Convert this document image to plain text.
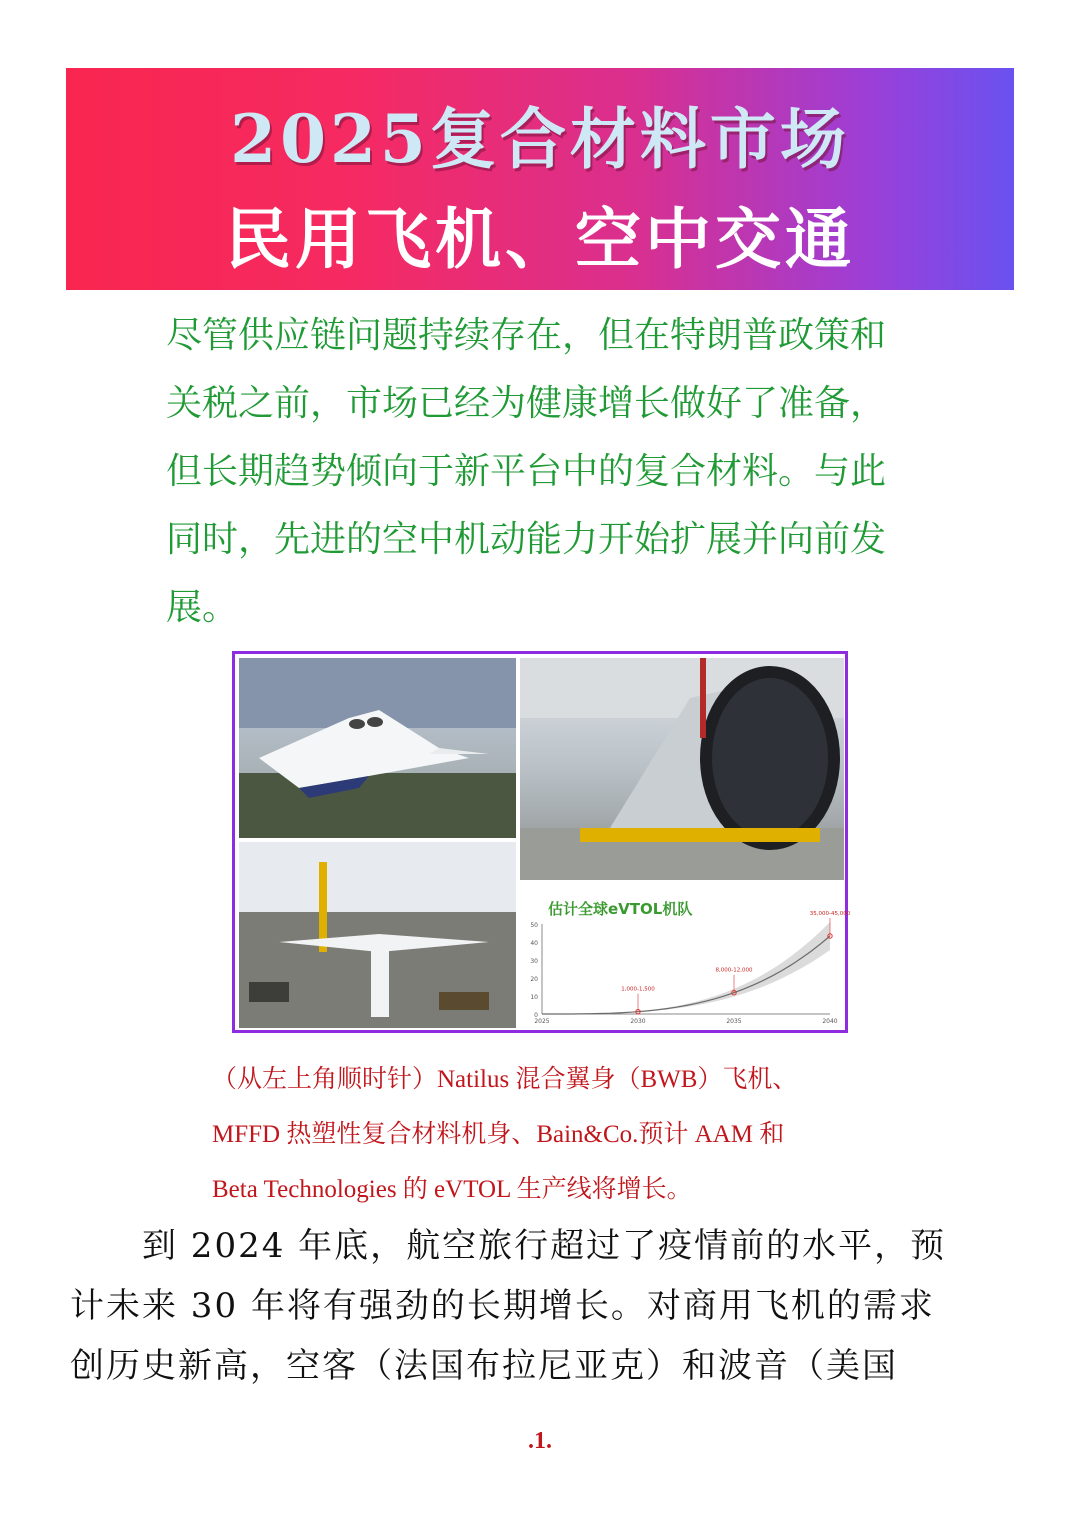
2025复合材料市场
民用飞机、空中交通

尽管供应链问题持续存在，但在特朗普政策和关税之前，市场已经为健康增长做好了准备，但长期趋势倾向于新平台中的复合材料。与此同时，先进的空中机动能力开始扩展并向前发展。

估计全球eVTOL机队
50
40
30
20
10
0
2025	2030	2035	2040
1,000-1,500
8,000-12,000
35,000-45,000

（从左上角顺时针）Natilus 混合翼身（BWB）飞机、

MFFD 热塑性复合材料机身、Bain&Co.预计 AAM 和

Beta Technologies 的 eVTOL 生产线将增长。

　　到 2024 年底，航空旅行超过了疫情前的水平，预

计未来 30 年将有强劲的长期增长。对商用飞机的需求

创历史新高，空客（法国布拉尼亚克）和波音（美国

.1.
